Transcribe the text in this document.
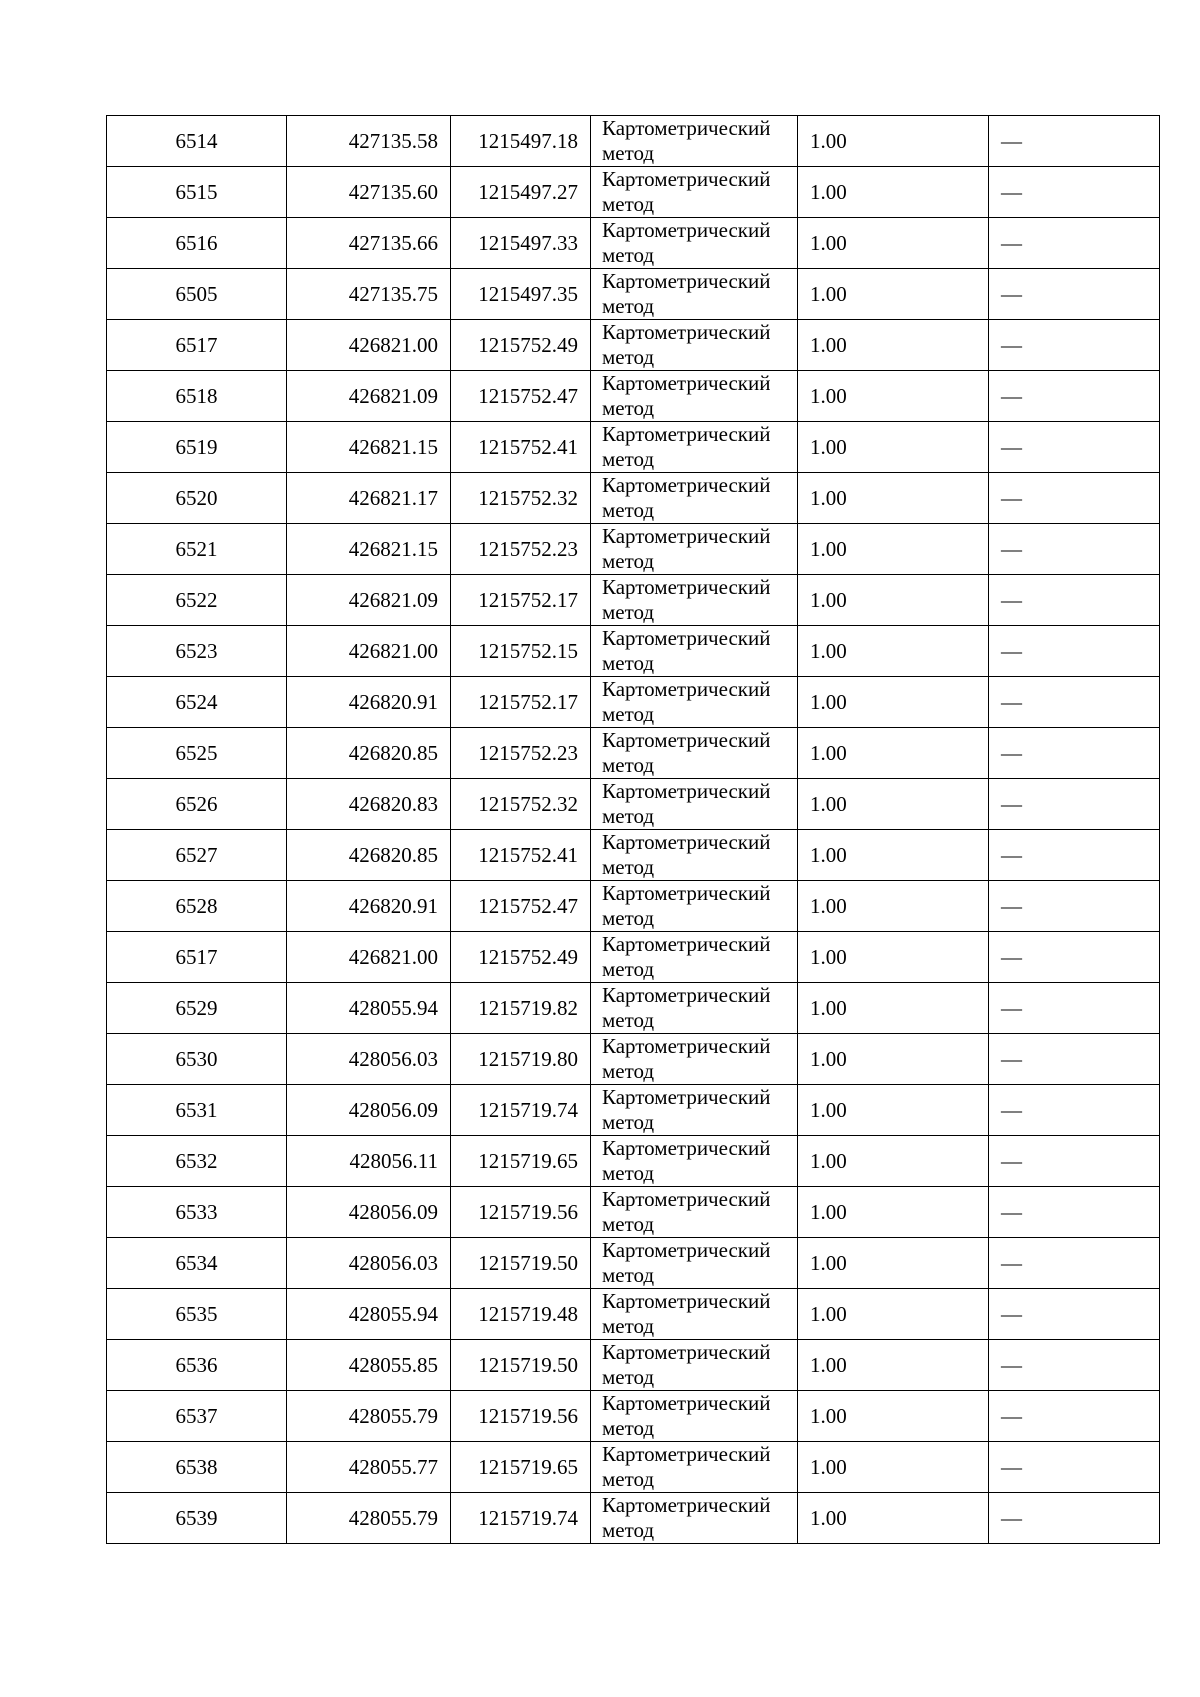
6514	427135.58	1215497.18	Картометрический
метод	1.00	—
6515	427135.60	1215497.27	Картометрический
метод	1.00	—
6516	427135.66	1215497.33	Картометрический
метод	1.00	—
6505	427135.75	1215497.35	Картометрический
метод	1.00	—
6517	426821.00	1215752.49	Картометрический
метод	1.00	—
6518	426821.09	1215752.47	Картометрический
метод	1.00	—
6519	426821.15	1215752.41	Картометрический
метод	1.00	—
6520	426821.17	1215752.32	Картометрический
метод	1.00	—
6521	426821.15	1215752.23	Картометрический
метод	1.00	—
6522	426821.09	1215752.17	Картометрический
метод	1.00	—
6523	426821.00	1215752.15	Картометрический
метод	1.00	—
6524	426820.91	1215752.17	Картометрический
метод	1.00	—
6525	426820.85	1215752.23	Картометрический
метод	1.00	—
6526	426820.83	1215752.32	Картометрический
метод	1.00	—
6527	426820.85	1215752.41	Картометрический
метод	1.00	—
6528	426820.91	1215752.47	Картометрический
метод	1.00	—
6517	426821.00	1215752.49	Картометрический
метод	1.00	—
6529	428055.94	1215719.82	Картометрический
метод	1.00	—
6530	428056.03	1215719.80	Картометрический
метод	1.00	—
6531	428056.09	1215719.74	Картометрический
метод	1.00	—
6532	428056.11	1215719.65	Картометрический
метод	1.00	—
6533	428056.09	1215719.56	Картометрический
метод	1.00	—
6534	428056.03	1215719.50	Картометрический
метод	1.00	—
6535	428055.94	1215719.48	Картометрический
метод	1.00	—
6536	428055.85	1215719.50	Картометрический
метод	1.00	—
6537	428055.79	1215719.56	Картометрический
метод	1.00	—
6538	428055.77	1215719.65	Картометрический
метод	1.00	—
6539	428055.79	1215719.74	Картометрический
метод	1.00	—
